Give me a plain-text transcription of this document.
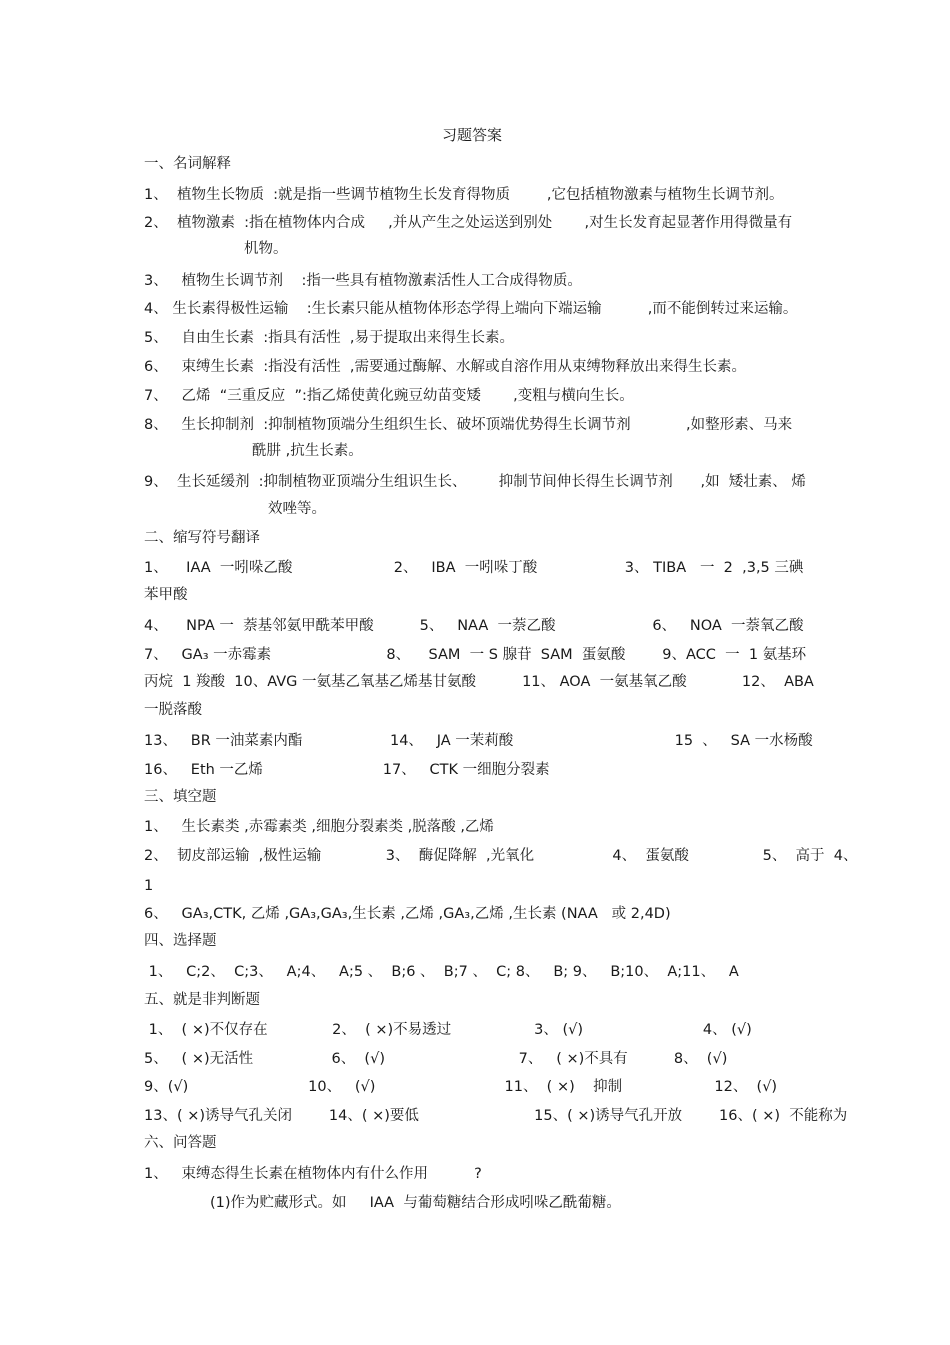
习题答案

一、名词解释

1、  植物生长物质  :就是指一些调节植物生长发育得物质        ,它包括植物激素与植物生长调节剂。

2、  植物激素  :指在植物体内合成     ,并从产生之处运送到别处       ,对生长发育起显著作用得微量有

机物。

3、   植物生长调节剂    :指一些具有植物激素活性人工合成得物质。

4、 生长素得极性运输    :生长素只能从植物体形态学得上端向下端运输          ,而不能倒转过来运输。

5、   自由生长素  :指具有活性  ,易于提取出来得生长素。

6、   束缚生长素  :指没有活性  ,需要通过酶解、水解或自溶作用从束缚物释放出来得生长素。

7、   乙烯  “三重反应  ”:指乙烯使黄化豌豆幼苗变矮       ,变粗与横向生长。

8、   生长抑制剂  :抑制植物顶端分生组织生长、破坏顶端优势得生长调节剂            ,如整形素、马来

酰肼 ,抗生长素。

9、  生长延缓剂  :抑制植物亚顶端分生组识生长、       抑制节间伸长得生长调节剂      ,如  矮壮素、 烯

效唑等。

二、缩写符号翻译

1、    IAA  一吲哚乙酸                      2、   IBA  一吲哚丁酸                   3、 TIBA   一  2  ,3,5 三碘

苯甲酸

4、    NPA 一  萘基邻氨甲酰苯甲酸          5、   NAA  一萘乙酸                     6、   NOA  一萘氧乙酸

7、   GA₃ 一赤霉素                         8、    SAM  一 S 腺苷  SAM  蛋氨酸        9、ACC  一  1 氨基环

丙烷  1 羧酸  10、AVG 一氨基乙氧基乙烯基甘氨酸          11、 AOA  一氨基氧乙酸            12、  ABA

一脱落酸

13、   BR 一油菜素内酯                   14、   JA 一茉莉酸                                   15  、   SA 一水杨酸

16、   Eth 一乙烯                          17、   CTK 一细胞分裂素

三、填空题

1、   生长素类 ,赤霉素类 ,细胞分裂素类 ,脱落酸 ,乙烯

2、  韧皮部运输  ,极性运输              3、  酶促降解  ,光氧化                 4、  蛋氨酸                5、  高于  4、

1

6、   GA₃,CTK, 乙烯 ,GA₃,GA₃,生长素 ,乙烯 ,GA₃,乙烯 ,生长素 (NAA   或 2,4D)

四、选择题

1、   C;2、  C;3、   A;4、   A;5 、  B;6 、  B;7 、  C; 8、   B; 9、   B;10、  A;11、   A

五、就是非判断题

1、  ( ×)不仅存在              2、  ( ×)不易透过                  3、 (√)                          4、 (√)

5、   ( ×)无活性                 6、  (√)                             7、   ( ×)不具有          8、  (√)

9、(√)                          10、   (√)                            11、  ( ×)    抑制                    12、  (√)

13、( ×)诱导气孔关闭        14、( ×)要低                         15、( ×)诱导气孔开放        16、( ×)  不能称为

六、问答题

1、   束缚态得生长素在植物体内有什么作用          ?

(1)作为贮藏形式。如     IAA  与葡萄糖结合形成吲哚乙酰葡糖。
